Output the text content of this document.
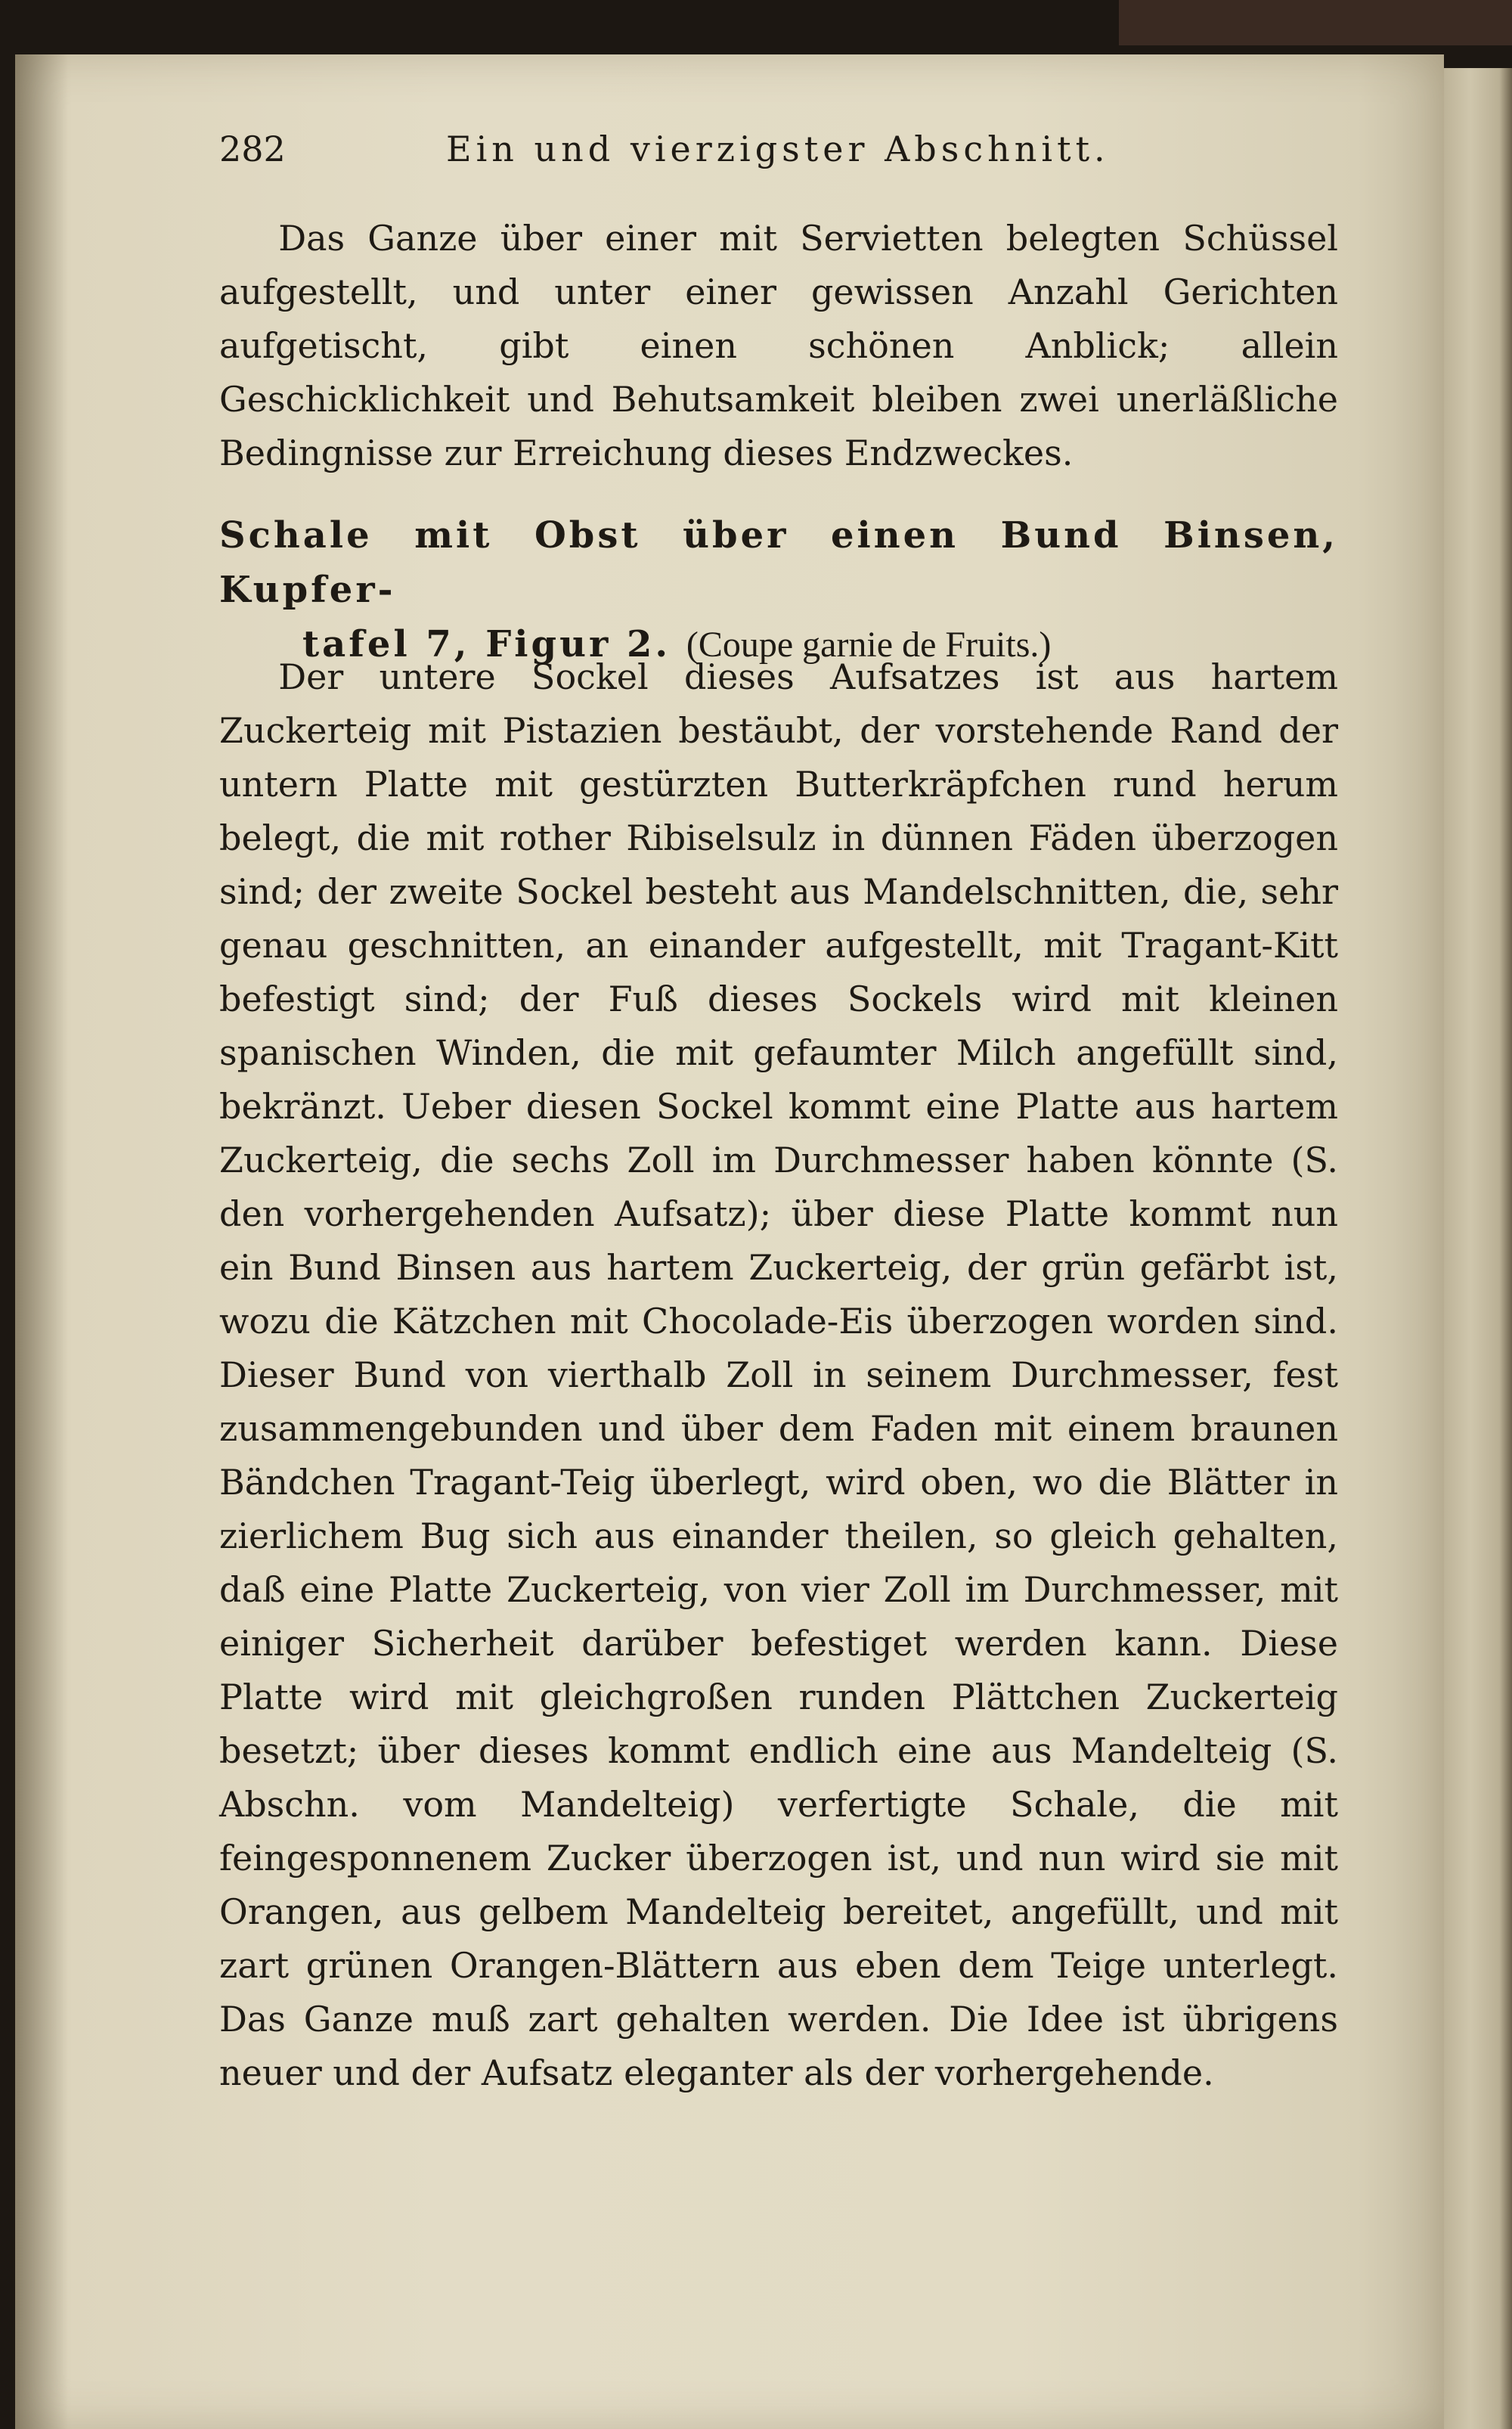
282	Ein und vierzigster Abschnitt.

Das Ganze über einer mit Servietten belegten Schüssel aufgestellt, und unter einer gewissen Anzahl Gerichten aufgetischt, gibt einen schönen Anblick; allein Geschicklichkeit und Behutsamkeit bleiben zwei unerläßliche Bedingnisse zur Erreichung dieses Endzweckes.

Schale mit Obst über einen Bund Binsen, Kupfer-
tafel 7, Figur 2. (Coupe garnie de Fruits.)

Der untere Sockel dieses Aufsatzes ist aus hartem Zuckerteig mit Pistazien bestäubt, der vorstehende Rand der untern Platte mit gestürzten Butterkräpfchen rund herum belegt, die mit rother Ribiselsulz in dünnen Fäden überzogen sind; der zweite Sockel besteht aus Mandelschnitten, die, sehr genau geschnitten, an einander aufgestellt, mit Tragant-Kitt befestigt sind; der Fuß dieses Sockels wird mit kleinen spanischen Winden, die mit gefaumter Milch angefüllt sind, bekränzt. Ueber diesen Sockel kommt eine Platte aus hartem Zuckerteig, die sechs Zoll im Durchmesser haben könnte (S. den vorhergehenden Aufsatz); über diese Platte kommt nun ein Bund Binsen aus hartem Zuckerteig, der grün gefärbt ist, wozu die Kätzchen mit Chocolade-Eis überzogen worden sind. Dieser Bund von vierthalb Zoll in seinem Durchmesser, fest zusammengebunden und über dem Faden mit einem braunen Bändchen Tragant-Teig überlegt, wird oben, wo die Blätter in zierlichem Bug sich aus einander theilen, so gleich gehalten, daß eine Platte Zuckerteig, von vier Zoll im Durchmesser, mit einiger Sicherheit darüber befestiget werden kann. Diese Platte wird mit gleichgroßen runden Plättchen Zuckerteig besetzt; über dieses kommt endlich eine aus Mandelteig (S. Abschn. vom Mandelteig) verfertigte Schale, die mit feingesponnenem Zucker überzogen ist, und nun wird sie mit Orangen, aus gelbem Mandelteig bereitet, angefüllt, und mit zart grünen Orangen-Blättern aus eben dem Teige unterlegt. Das Ganze muß zart gehalten werden. Die Idee ist übrigens neuer und der Aufsatz eleganter als der vorhergehende.
